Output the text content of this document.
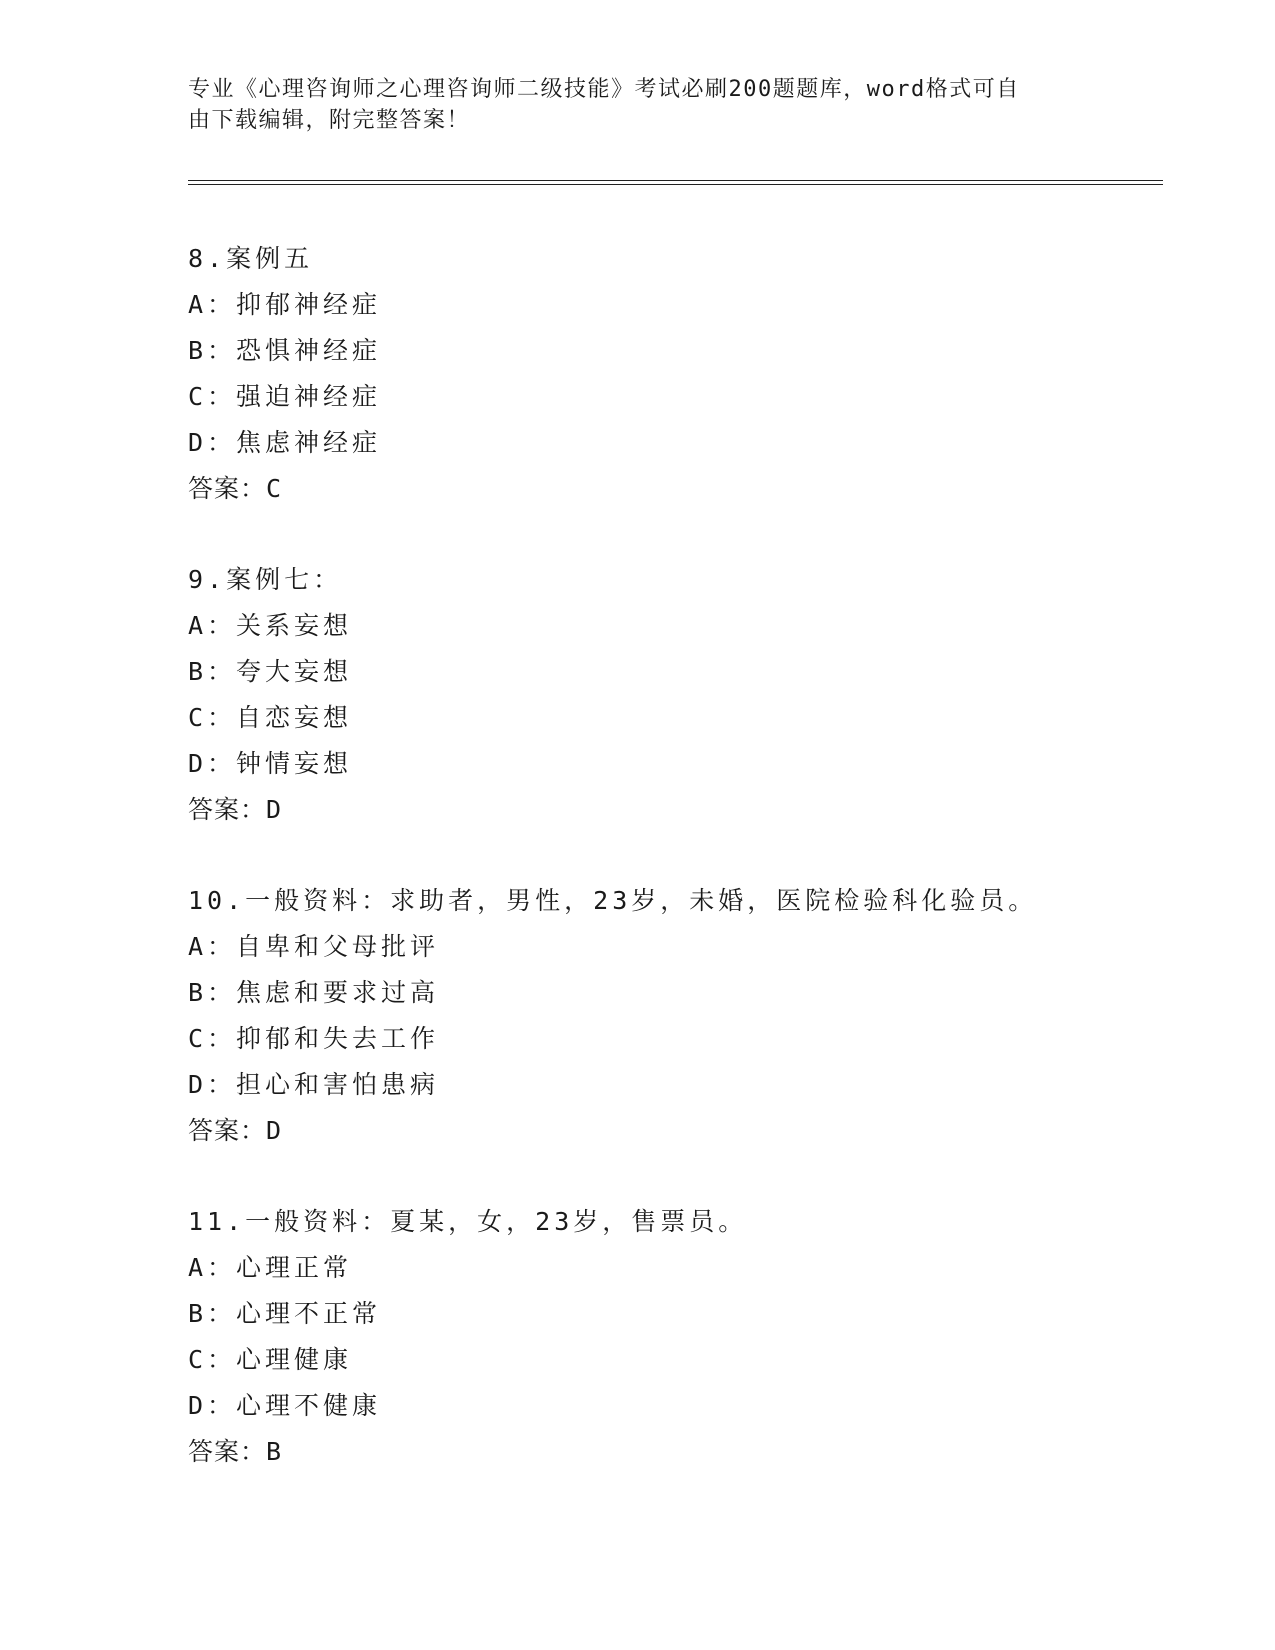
专业《心理咨询师之心理咨询师二级技能》考试必刷200题题库，word格式可自
由下载编辑，附完整答案！
8.案例五
A：抑郁神经症
B：恐惧神经症
C：强迫神经症
D：焦虑神经症
答案：C
9.案例七：
A：关系妄想
B：夸大妄想
C：自恋妄想
D：钟情妄想
答案：D
10.一般资料：求助者，男性，23岁，未婚，医院检验科化验员。
A：自卑和父母批评
B：焦虑和要求过高
C：抑郁和失去工作
D：担心和害怕患病
答案：D
11.一般资料：夏某，女，23岁，售票员。
A：心理正常
B：心理不正常
C：心理健康
D：心理不健康
答案：B
